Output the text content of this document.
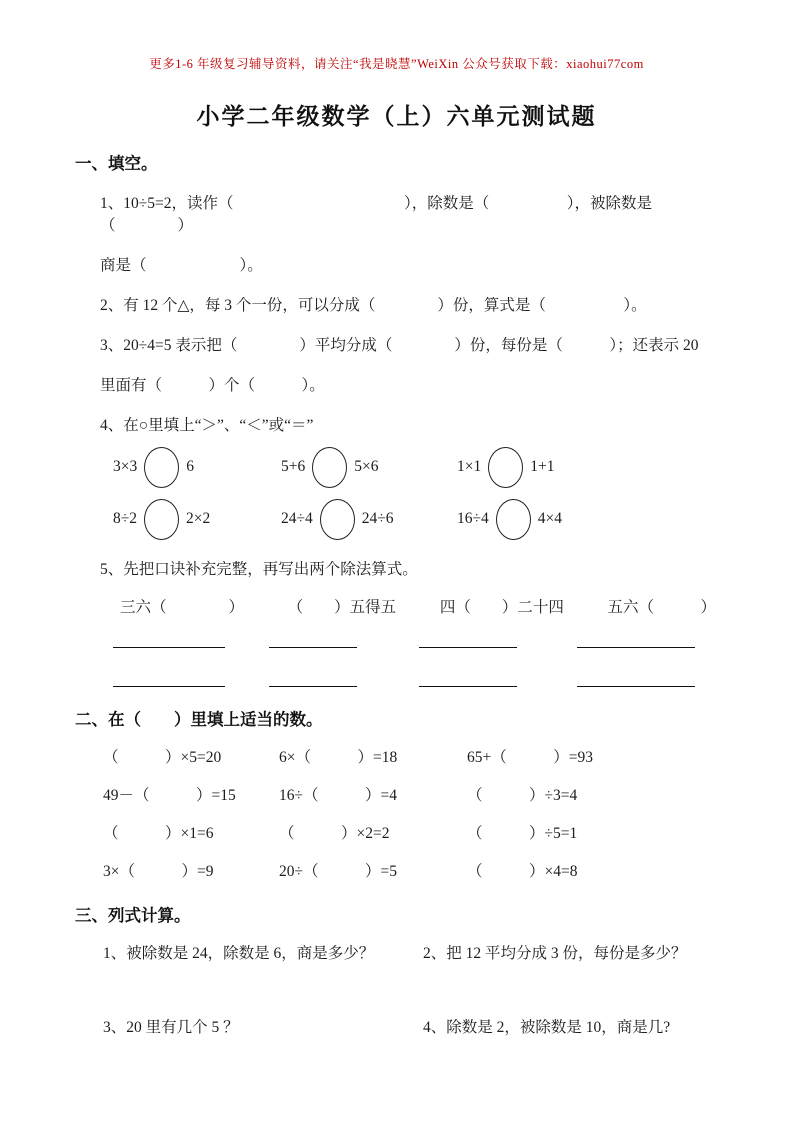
更多1-6 年级复习辅导资料，请关注“我是晓慧”WeiXin 公众号获取下载：xiaohui77com
小学二年级数学（上）六单元测试题
一、填空。

1、10÷5=2，读作（　　　　　　　　　　　），除数是（　　　　　），被除数是（　　　　）

商是（　　　　　　）。

2、有 12 个△，每 3 个一份，可以分成（　　　　）份，算式是（　　　　　）。

3、20÷4=5 表示把（　　　　）平均分成（　　　　）份，每份是（　　　）；还表示 20

里面有（　　　）个（　　　）。

4、在○里填上“＞”、“＜”或“＝”

3×3	6	5+6	5×6	1×1	1+1
8÷2	2×2	24÷4	24÷6	16÷4	4×4

5、先把口诀补充完整，再写出两个除法算式。

三六（　　　　）	（　　）五得五	四（　　）二十四	五六（　　　）
二、在（　　）里填上适当的数。
（　　　）×5=20	6×（　　　）=18	65+（　　　）=93
49－（　　　）=15	16÷（　　　）=4	（　　　）÷3=4
（　　　）×1=6	（　　　）×2=2	（　　　）÷5=1
3×（　　　）=9	20÷（　　　）=5	（　　　）×4=8
三、列式计算。
1、被除数是 24，除数是 6，商是多少？	2、把 12 平均分成 3 份，每份是多少？
3、20 里有几个 5 ？	4、除数是 2，被除数是 10，商是几?
